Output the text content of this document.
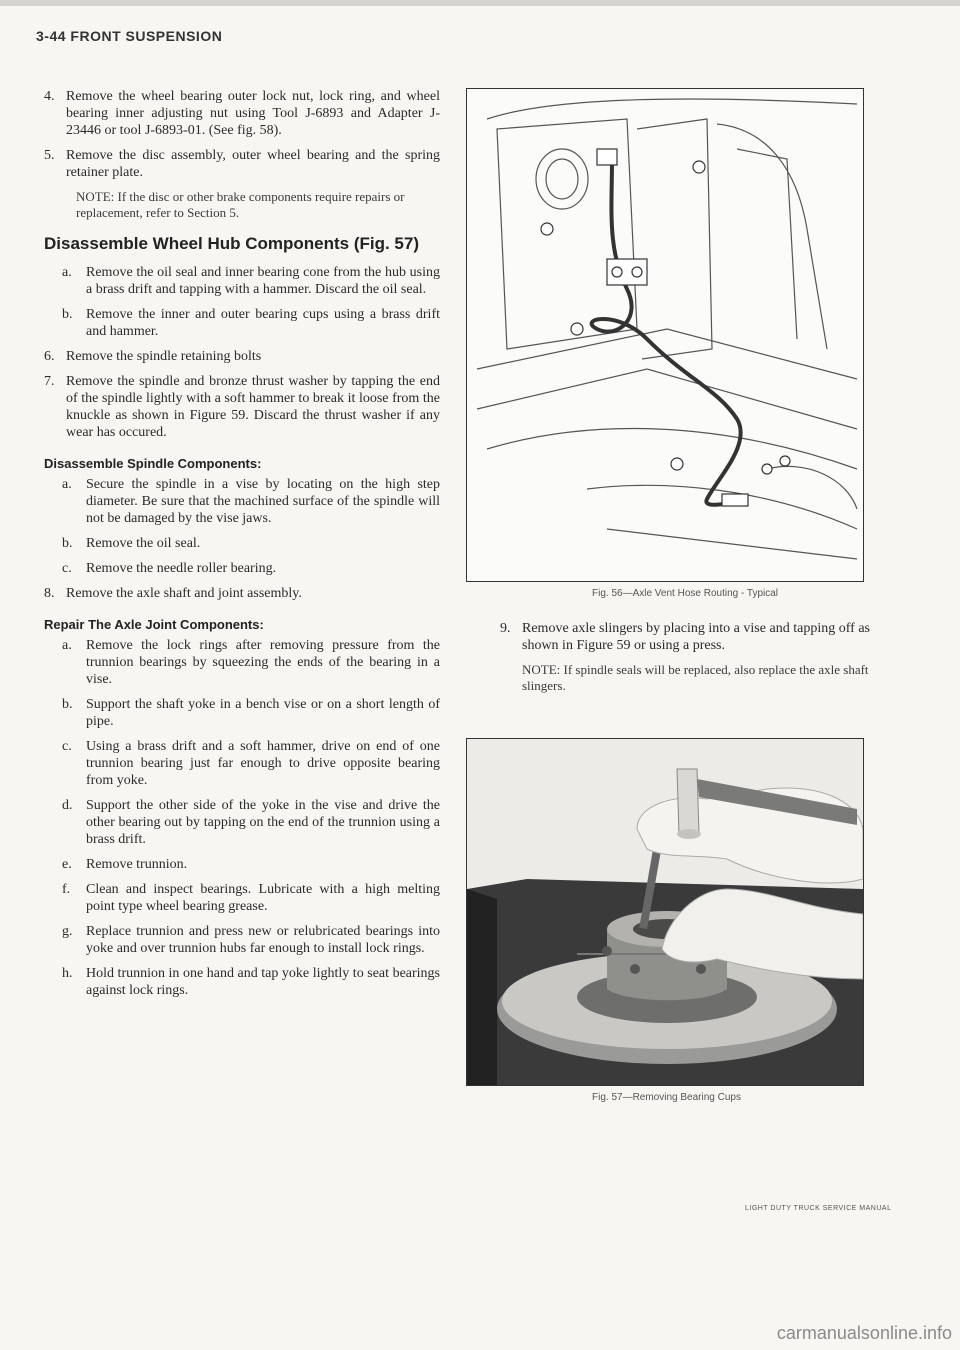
3-44 FRONT SUSPENSION
4. Remove the wheel bearing outer lock nut, lock ring, and wheel bearing inner adjusting nut using Tool J-6893 and Adapter J-23446 or tool J-6893-01. (See fig. 58).
5. Remove the disc assembly, outer wheel bearing and the spring retainer plate.
NOTE: If the disc or other brake components require repairs or replacement, refer to Section 5.
Disassemble Wheel Hub Components (Fig. 57)
a. Remove the oil seal and inner bearing cone from the hub using a brass drift and tapping with a hammer. Discard the oil seal.
b. Remove the inner and outer bearing cups using a brass drift and hammer.
6. Remove the spindle retaining bolts
7. Remove the spindle and bronze thrust washer by tapping the end of the spindle lightly with a soft hammer to break it loose from the knuckle as shown in Figure 59. Discard the thrust washer if any wear has occured.
Disassemble Spindle Components:
a. Secure the spindle in a vise by locating on the high step diameter. Be sure that the machined surface of the spindle will not be damaged by the vise jaws.
b. Remove the oil seal.
c. Remove the needle roller bearing.
8. Remove the axle shaft and joint assembly.
Repair The Axle Joint Components:
a. Remove the lock rings after removing pressure from the trunnion bearings by squeezing the ends of the bearing in a vise.
b. Support the shaft yoke in a bench vise or on a short length of pipe.
c. Using a brass drift and a soft hammer, drive on end of one trunnion bearing just far enough to drive opposite bearing from yoke.
d. Support the other side of the yoke in the vise and drive the other bearing out by tapping on the end of the trunnion using a brass drift.
e. Remove trunnion.
f. Clean and inspect bearings. Lubricate with a high melting point type wheel bearing grease.
g. Replace trunnion and press new or relubricated bearings into yoke and over trunnion hubs far enough to install lock rings.
h. Hold trunnion in one hand and tap yoke lightly to seat bearings against lock rings.
Fig. 56—Axle Vent Hose Routing - Typical
9. Remove axle slingers by placing into a vise and tapping off as shown in Figure 59 or using a press.
NOTE: If spindle seals will be replaced, also replace the axle shaft slingers.
Fig. 57—Removing Bearing Cups
LIGHT DUTY TRUCK SERVICE MANUAL
carmanualsonline.info
